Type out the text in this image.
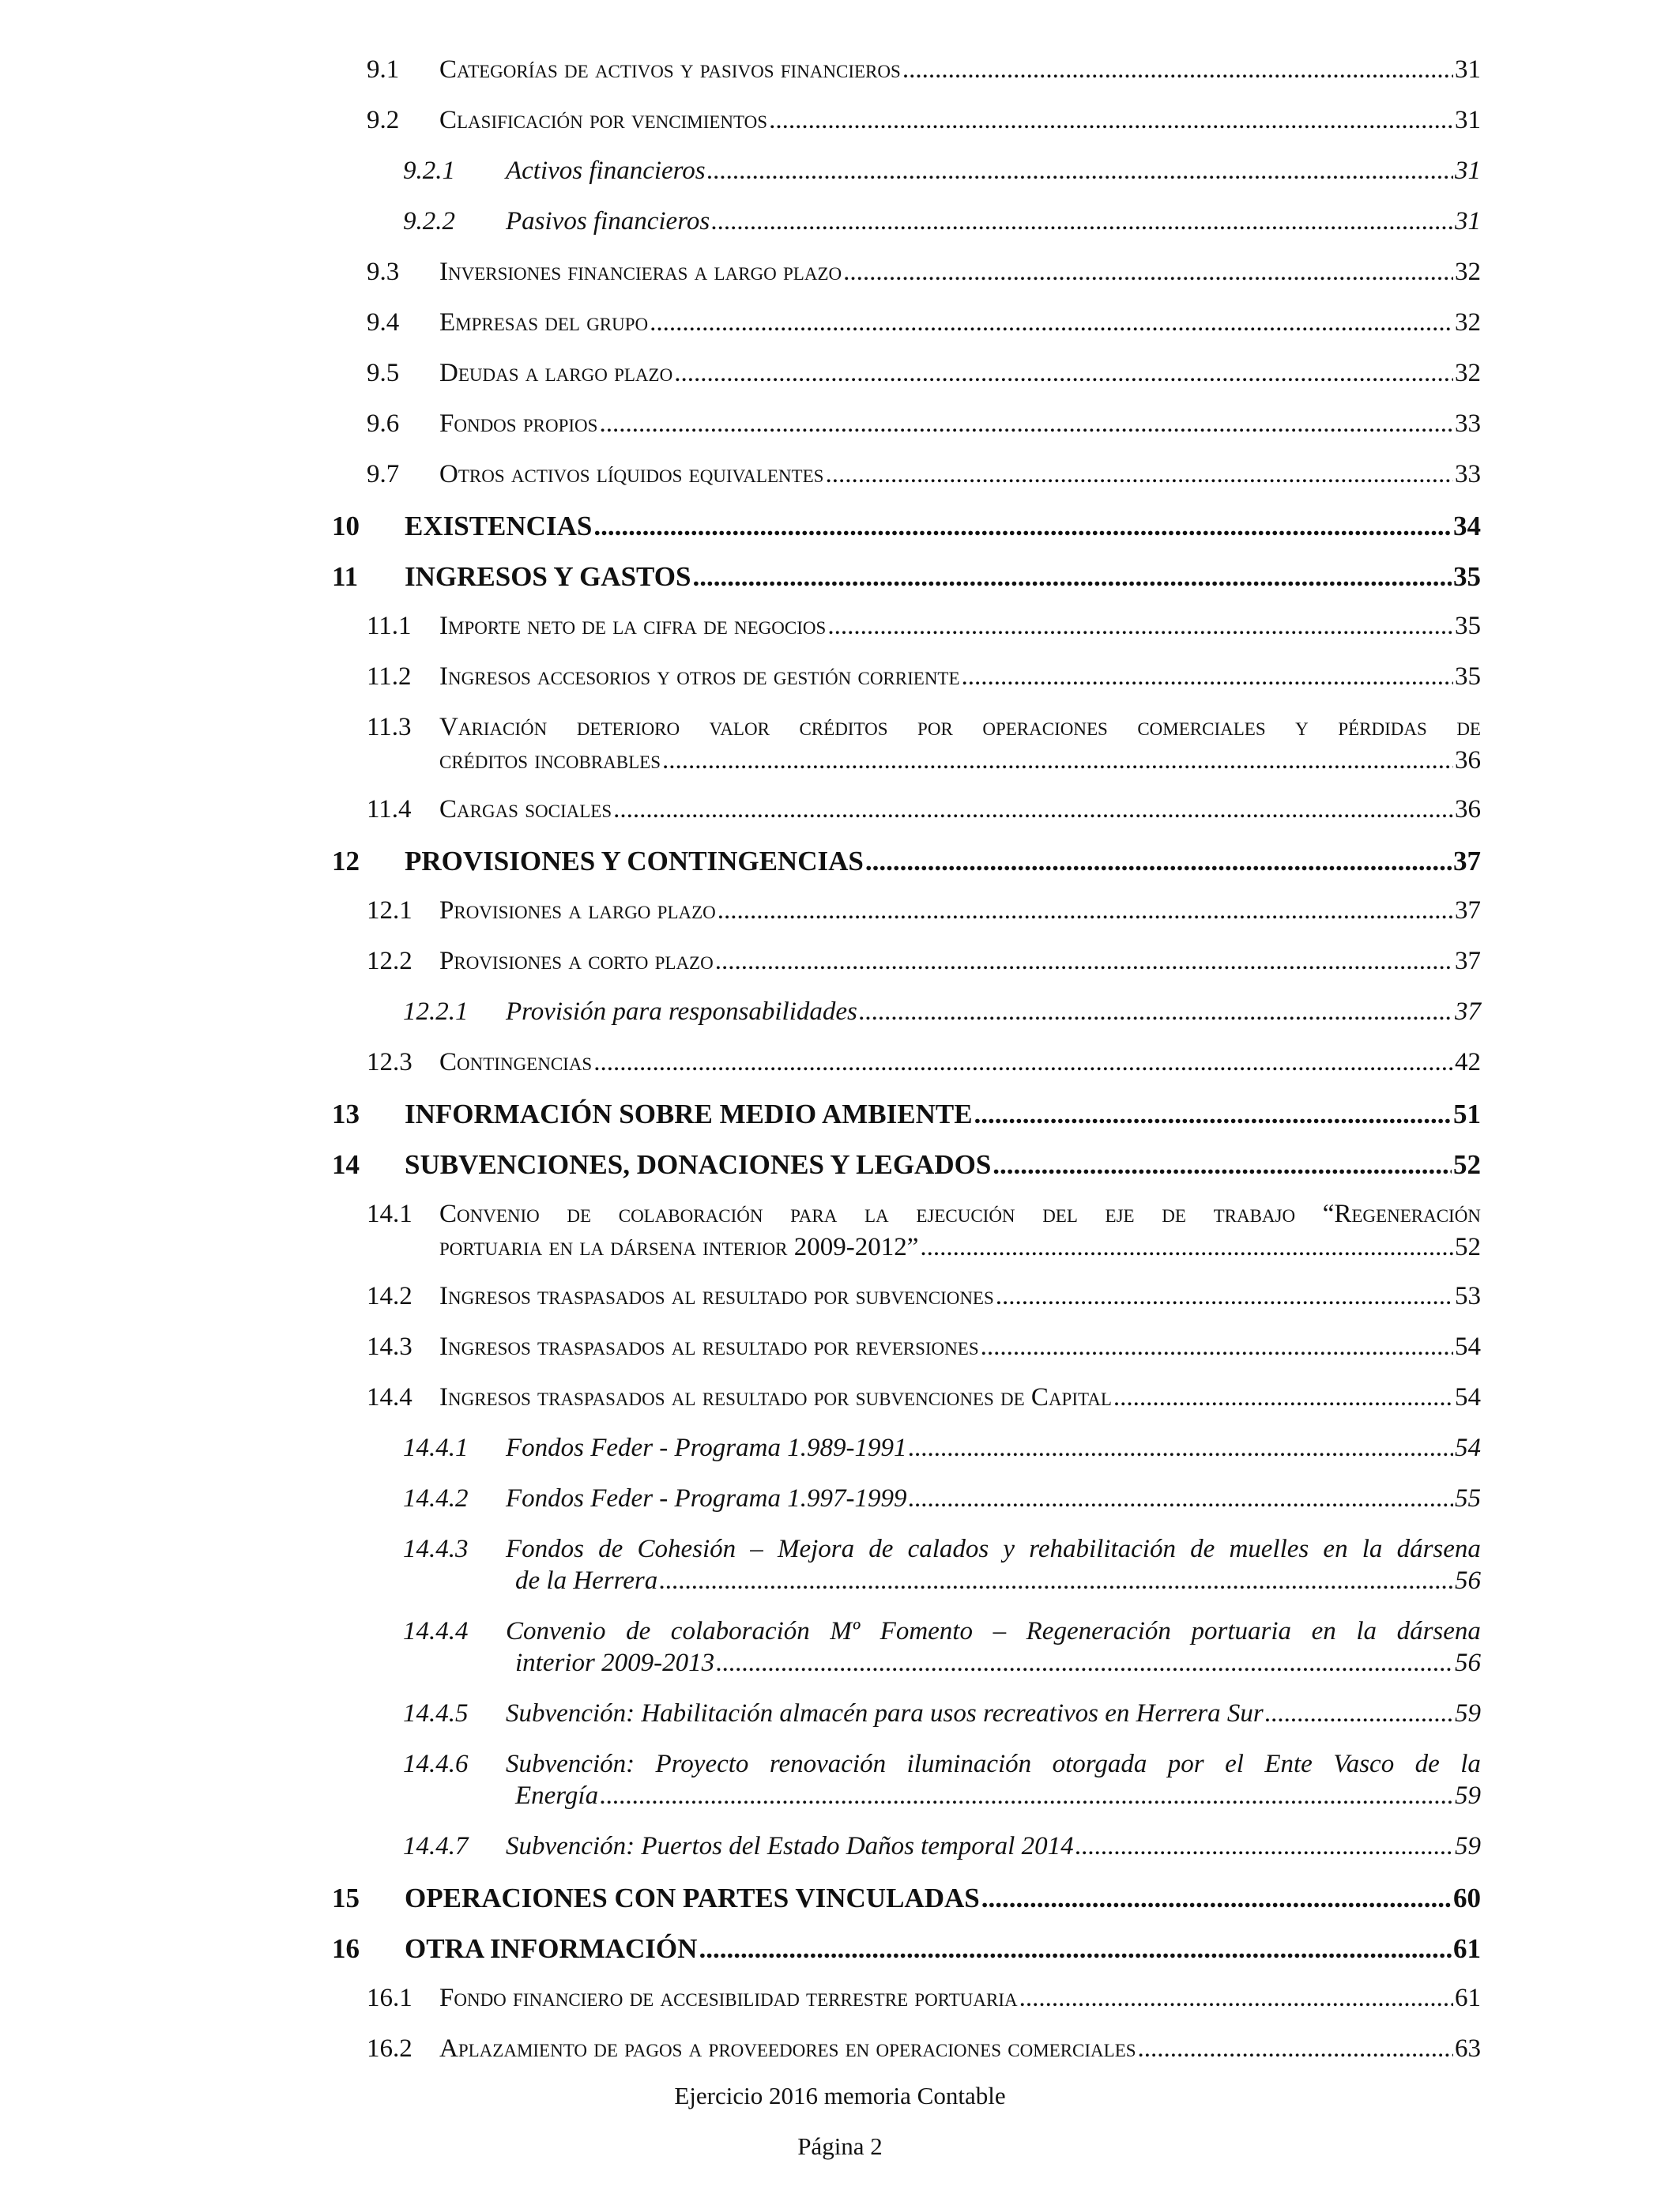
9.1 Categorías de activos y pasivos financieros .....	31
9.2 Clasificación por vencimientos .....	31
9.2.1 Activos financieros .....	31
9.2.2 Pasivos financieros .....	31
9.3 Inversiones financieras a largo plazo .....	32
9.4 Empresas del grupo .....	32
9.5 Deudas a largo plazo .....	32
9.6 Fondos propios .....	33
9.7 Otros activos líquidos equivalentes .....	33
10 EXISTENCIAS .....	34
11 INGRESOS Y GASTOS .....	35
11.1 Importe neto de la cifra de negocios .....	35
11.2 Ingresos accesorios y otros de gestión corriente .....	35
11.3 Variación deterioro valor créditos por operaciones comerciales y pérdidas de
créditos incobrables .....	36
11.4 Cargas sociales .....	36
12 PROVISIONES Y CONTINGENCIAS .....	37
12.1 Provisiones a largo plazo .....	37
12.2 Provisiones a corto plazo .....	37
12.2.1 Provisión para responsabilidades .....	37
12.3 Contingencias .....	42
13 INFORMACIÓN SOBRE MEDIO AMBIENTE .....	51
14 SUBVENCIONES, DONACIONES Y LEGADOS .....	52
14.1 Convenio de colaboración para la ejecución del eje de trabajo “Regeneración
portuaria en la dársena interior 2009-2012” .....	52
14.2 Ingresos traspasados al resultado por subvenciones .....	53
14.3 Ingresos traspasados al resultado por reversiones .....	54
14.4 Ingresos traspasados al resultado por subvenciones de Capital .....	54
14.4.1 Fondos Feder - Programa 1.989-1991 .....	54
14.4.2 Fondos Feder - Programa 1.997-1999 .....	55
14.4.3 Fondos de Cohesión – Mejora de calados y rehabilitación de muelles en la dársena
de la Herrera .....	56
14.4.4 Convenio de colaboración Mº Fomento – Regeneración portuaria en la dársena
interior 2009-2013 .....	56
14.4.5 Subvención: Habilitación almacén para usos recreativos en Herrera Sur .....	59
14.4.6 Subvención: Proyecto renovación iluminación otorgada por el Ente Vasco de la
Energía .....	59
14.4.7 Subvención: Puertos del Estado Daños temporal 2014 .....	59
15 OPERACIONES CON PARTES VINCULADAS .....	60
16 OTRA INFORMACIÓN .....	61
16.1 Fondo financiero de accesibilidad terrestre portuaria .....	61
16.2 Aplazamiento de pagos a proveedores en operaciones comerciales .....	63
Ejercicio 2016 memoria Contable
Página 2
